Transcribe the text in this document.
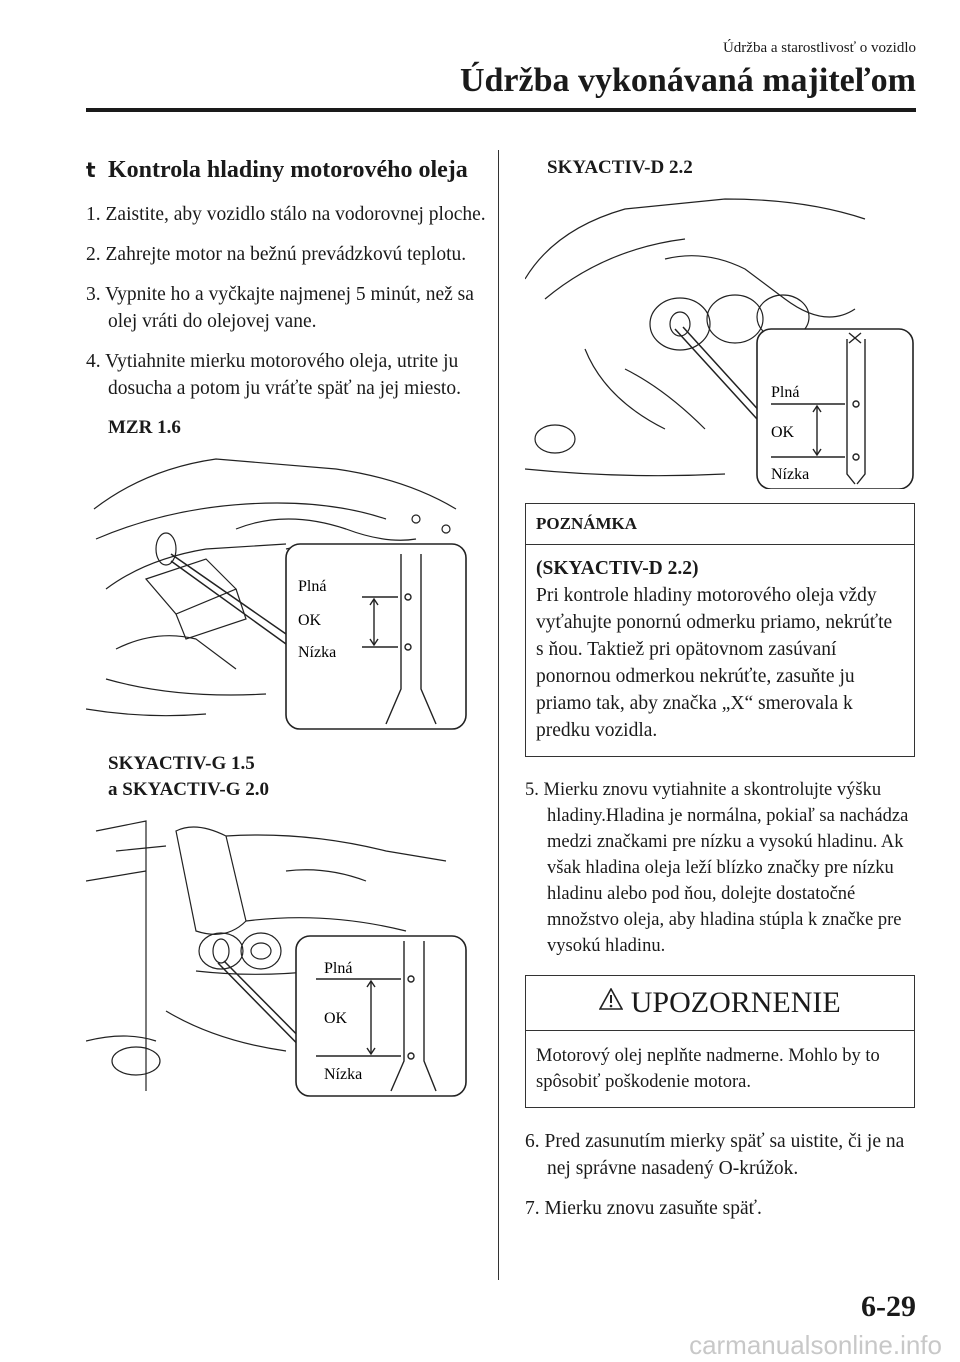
Údržba a starostlivosť o vozidlo
Údržba vykonávaná majiteľom
t Kontrola hladiny motorového oleja
1. Zaistite, aby vozidlo stálo na vodorovnej ploche.
2. Zahrejte motor na bežnú prevádzkovú teplotu.
3. Vypnite ho a vyčkajte najmenej 5 minút, než sa olej vráti do olejovej vane.
4. Vytiahnite mierku motorového oleja, utrite ju dosucha a potom ju vráťte späť na jej miesto.
MZR 1.6
Plná
OK
Nízka
SKYACTIV-G 1.5
a SKYACTIV-G 2.0
Plná
OK
Nízka
SKYACTIV-D 2.2
Plná
OK
Nízka
POZNÁMKA
(SKYACTIV-D 2.2)
Pri kontrole hladiny motorového oleja vždy vyťahujte ponornú odmerku priamo, nekrúťte s ňou. Taktiež pri opätovnom zasúvaní ponornou odmerkou nekrúťte, zasuňte ju priamo tak, aby značka „X“ smerovala k predku vozidla.
5. Mierku znovu vytiahnite a skontrolujte výšku hladiny.Hladina je normálna, pokiaľ sa nachádza medzi značkami pre nízku a vysokú hladinu. Ak však hladina oleja leží blízko značky pre nízku hladinu alebo pod ňou, dolejte dostatočné množstvo oleja, aby hladina stúpla k značke pre vysokú hladinu.
UPOZORNENIE
Motorový olej neplňte nadmerne. Mohlo by to spôsobiť poškodenie motora.
6. Pred zasunutím mierky späť sa uistite, či je na nej správne nasadený O-krúžok.
7. Mierku znovu zasuňte späť.
6-29
carmanualsonline.info
